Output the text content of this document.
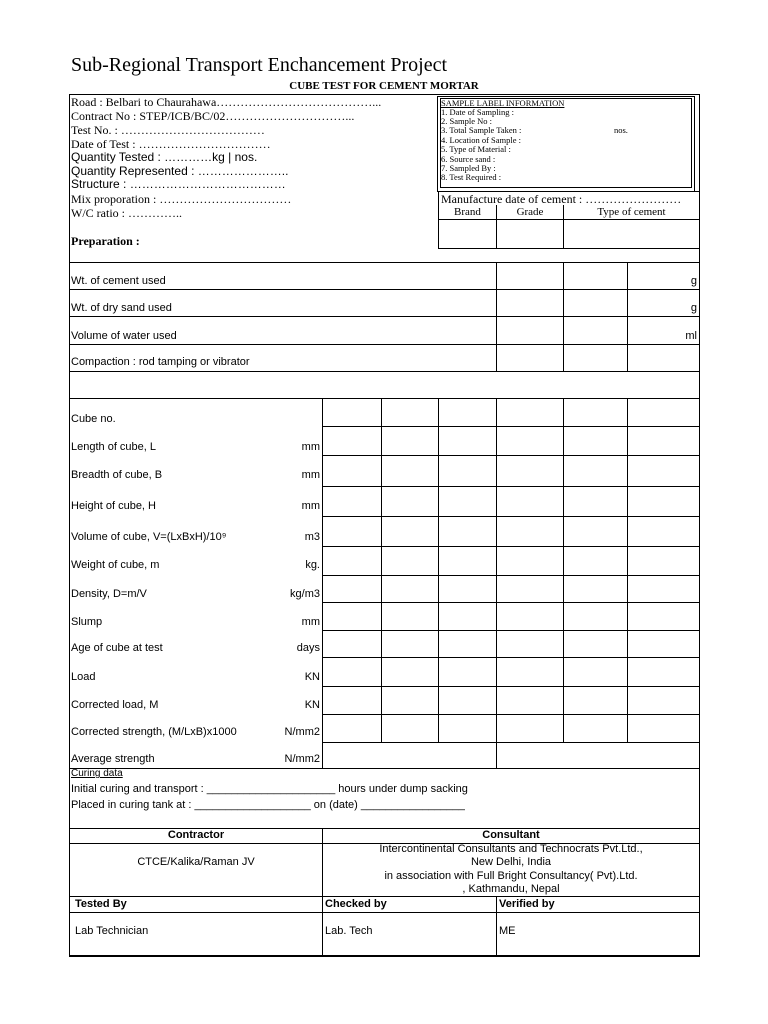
Sub-Regional Transport Enchancement Project
CUBE TEST FOR CEMENT MORTAR
Road : Belbari to Chaurahawa…………………………………...
Contract No : STEP/ICB/BC/02…………………………...
Test No. : ………………………………
Date of Test : ……………………………
Quantity Tested : …………kg | nos.
Quantity Represented : …………………..
Structure : …………………………………
Mix proporation : ……………………………
W/C ratio : …………..
Preparation :
SAMPLE LABEL INFORMATION
1. Date of Sampling :
2. Sample No :
3. Total Sample Taken :	nos.
4. Location of Sample :
5. Type of Material :
6. Source sand :
7. Sampled By :
8. Test Required :
Manufacture date of cement : ……………………
Brand	Grade	Type of cement
Wt. of cement used	g
Wt. of dry sand used	g
Volume of water used	ml
Compaction : rod tamping or vibrator
Cube no.
Length of cube, L	mm
Breadth of cube, B	mm
Height of cube, H	mm
Volume of cube, V=(LxBxH)/10⁹	m3
Weight of cube, m	kg.
Density, D=m/V	kg/m3
Slump	mm
Age of cube at test	days
Load	KN
Corrected load, M	KN
Corrected strength, (M/LxB)x1000	N/mm2
Average strength	N/mm2
Curing data
Initial curing and transport : _____________________ hours under dump sacking
Placed in curing tank at : ___________________ on (date) _________________
Contractor	Consultant
CTCE/Kalika/Raman JV
Intercontinental Consultants and Technocrats Pvt.Ltd.,
New Delhi, India
in association with Full Bright Consultancy( Pvt).Ltd.
, Kathmandu, Nepal
Tested By	Checked by	Verified by
Lab Technician	Lab. Tech	ME
